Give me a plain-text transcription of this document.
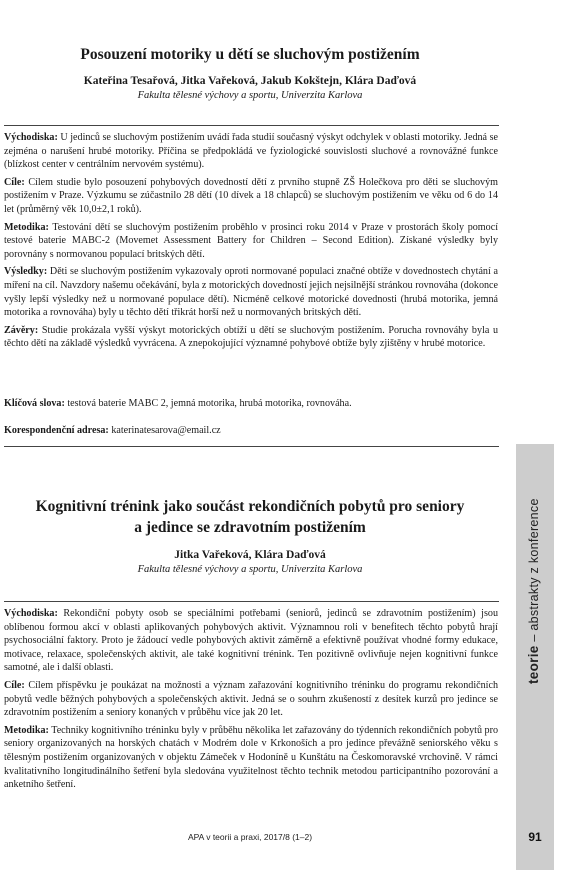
Posouzení motoriky u dětí se sluchovým postižením
Kateřina Tesařová, Jitka Vařeková, Jakub Kokštejn, Klára Daďová
Fakulta tělesné výchovy a sportu, Univerzita Karlova

Východiska: U jedinců se sluchovým postižením uvádí řada studií současný výskyt odchylek v oblasti motoriky. Jedná se zejména o narušení hrubé motoriky. Příčina se předpokládá ve fyziologické souvislosti sluchové a rovnovážné funkce (blízkost center v centrálním nervovém systému).

Cíle: Cílem studie bylo posouzení pohybových dovedností dětí z prvního stupně ZŠ Holečkova pro děti se sluchovým postižením v Praze. Výzkumu se zúčastnilo 28 dětí (10 dívek a 18 chlapců) se sluchovým postižením ve věku od 6 do 14 let (průměrný věk 10,0±2,1 roků).

Metodika: Testování dětí se sluchovým postižením proběhlo v prosinci roku 2014 v Praze v prostorách školy pomocí testové baterie MABC-2 (Movemet Assessment Battery for Children – Second Edition). Získané výsledky byly porovnány s normovanou populací britských dětí.

Výsledky: Děti se sluchovým postižením vykazovaly oproti normované populaci značné obtíže v dovednostech chytání a míření na cíl. Navzdory našemu očekávání, byla z motorických dovedností jejich nejsilnější stránkou rovnováha (dokonce vyšly lepší výsledky než u normované populace dětí). Nicméně celkové motorické dovednosti (hrubá motorika, jemná motorika a rovnováha) byly u těchto dětí třikrát horší než u normovaných britských dětí.

Závěry: Studie prokázala vyšší výskyt motorických obtíží u dětí se sluchovým postižením. Porucha rovnováhy byla u těchto dětí na základě výsledků vyvrácena. A znepokojující významné pohybové obtíže byly zjištěny v hrubé motorice.

Klíčová slova: testová baterie MABC 2, jemná motorika, hrubá motorika, rovnováha.
Korespondenční adresa: katerinatesarova@email.cz
Kognitivní trénink jako součást rekondičních pobytů pro seniory
a jedince se zdravotním postižením
Jitka Vařeková, Klára Daďová
Fakulta tělesné výchovy a sportu, Univerzita Karlova

Východiska: Rekondiční pobyty osob se speciálními potřebami (seniorů, jedinců se zdravotním postižením) jsou oblíbenou formou akcí v oblasti aplikovaných pohybových aktivit. Významnou roli v benefitech těchto pobytů hrají psychosociální faktory. Proto je žádoucí vedle pohybových aktivit záměrně a efektivně používat vhodné formy edukace, motivace, relaxace, společenských aktivit, ale také kognitivní trénink. Ten pozitivně ovlivňuje nejen kognitivní funkce samotné, ale i další oblasti.

Cíle: Cílem příspěvku je poukázat na možnosti a význam zařazování kognitivního tréninku do programu rekondičních pobytů vedle běžných pohybových a společenských aktivit. Jedná se o souhrn zkušeností z desítek kurzů pro jedince se zdravotním postižením a seniory konaných v průběhu více jak 20 let.

Metodika: Techniky kognitivního tréninku byly v průběhu několika let zařazovány do týdenních rekondičních pobytů pro seniory organizovaných na horských chatách v Modrém dole v Krkonoších a pro jedince převážně seniorského věku s tělesným postižením organizovaných v objektu Zámeček v Hodoníně u Kunštátu na Českomoravské vrchovině. V rámci kvalitativního longitudinálního šetření byla sledována využitelnost těchto technik metodou participantního pozorování a anketního šetření.

teorie – abstrakty z konference
APA v teorii a praxi, 2017/8 (1–2)	91
